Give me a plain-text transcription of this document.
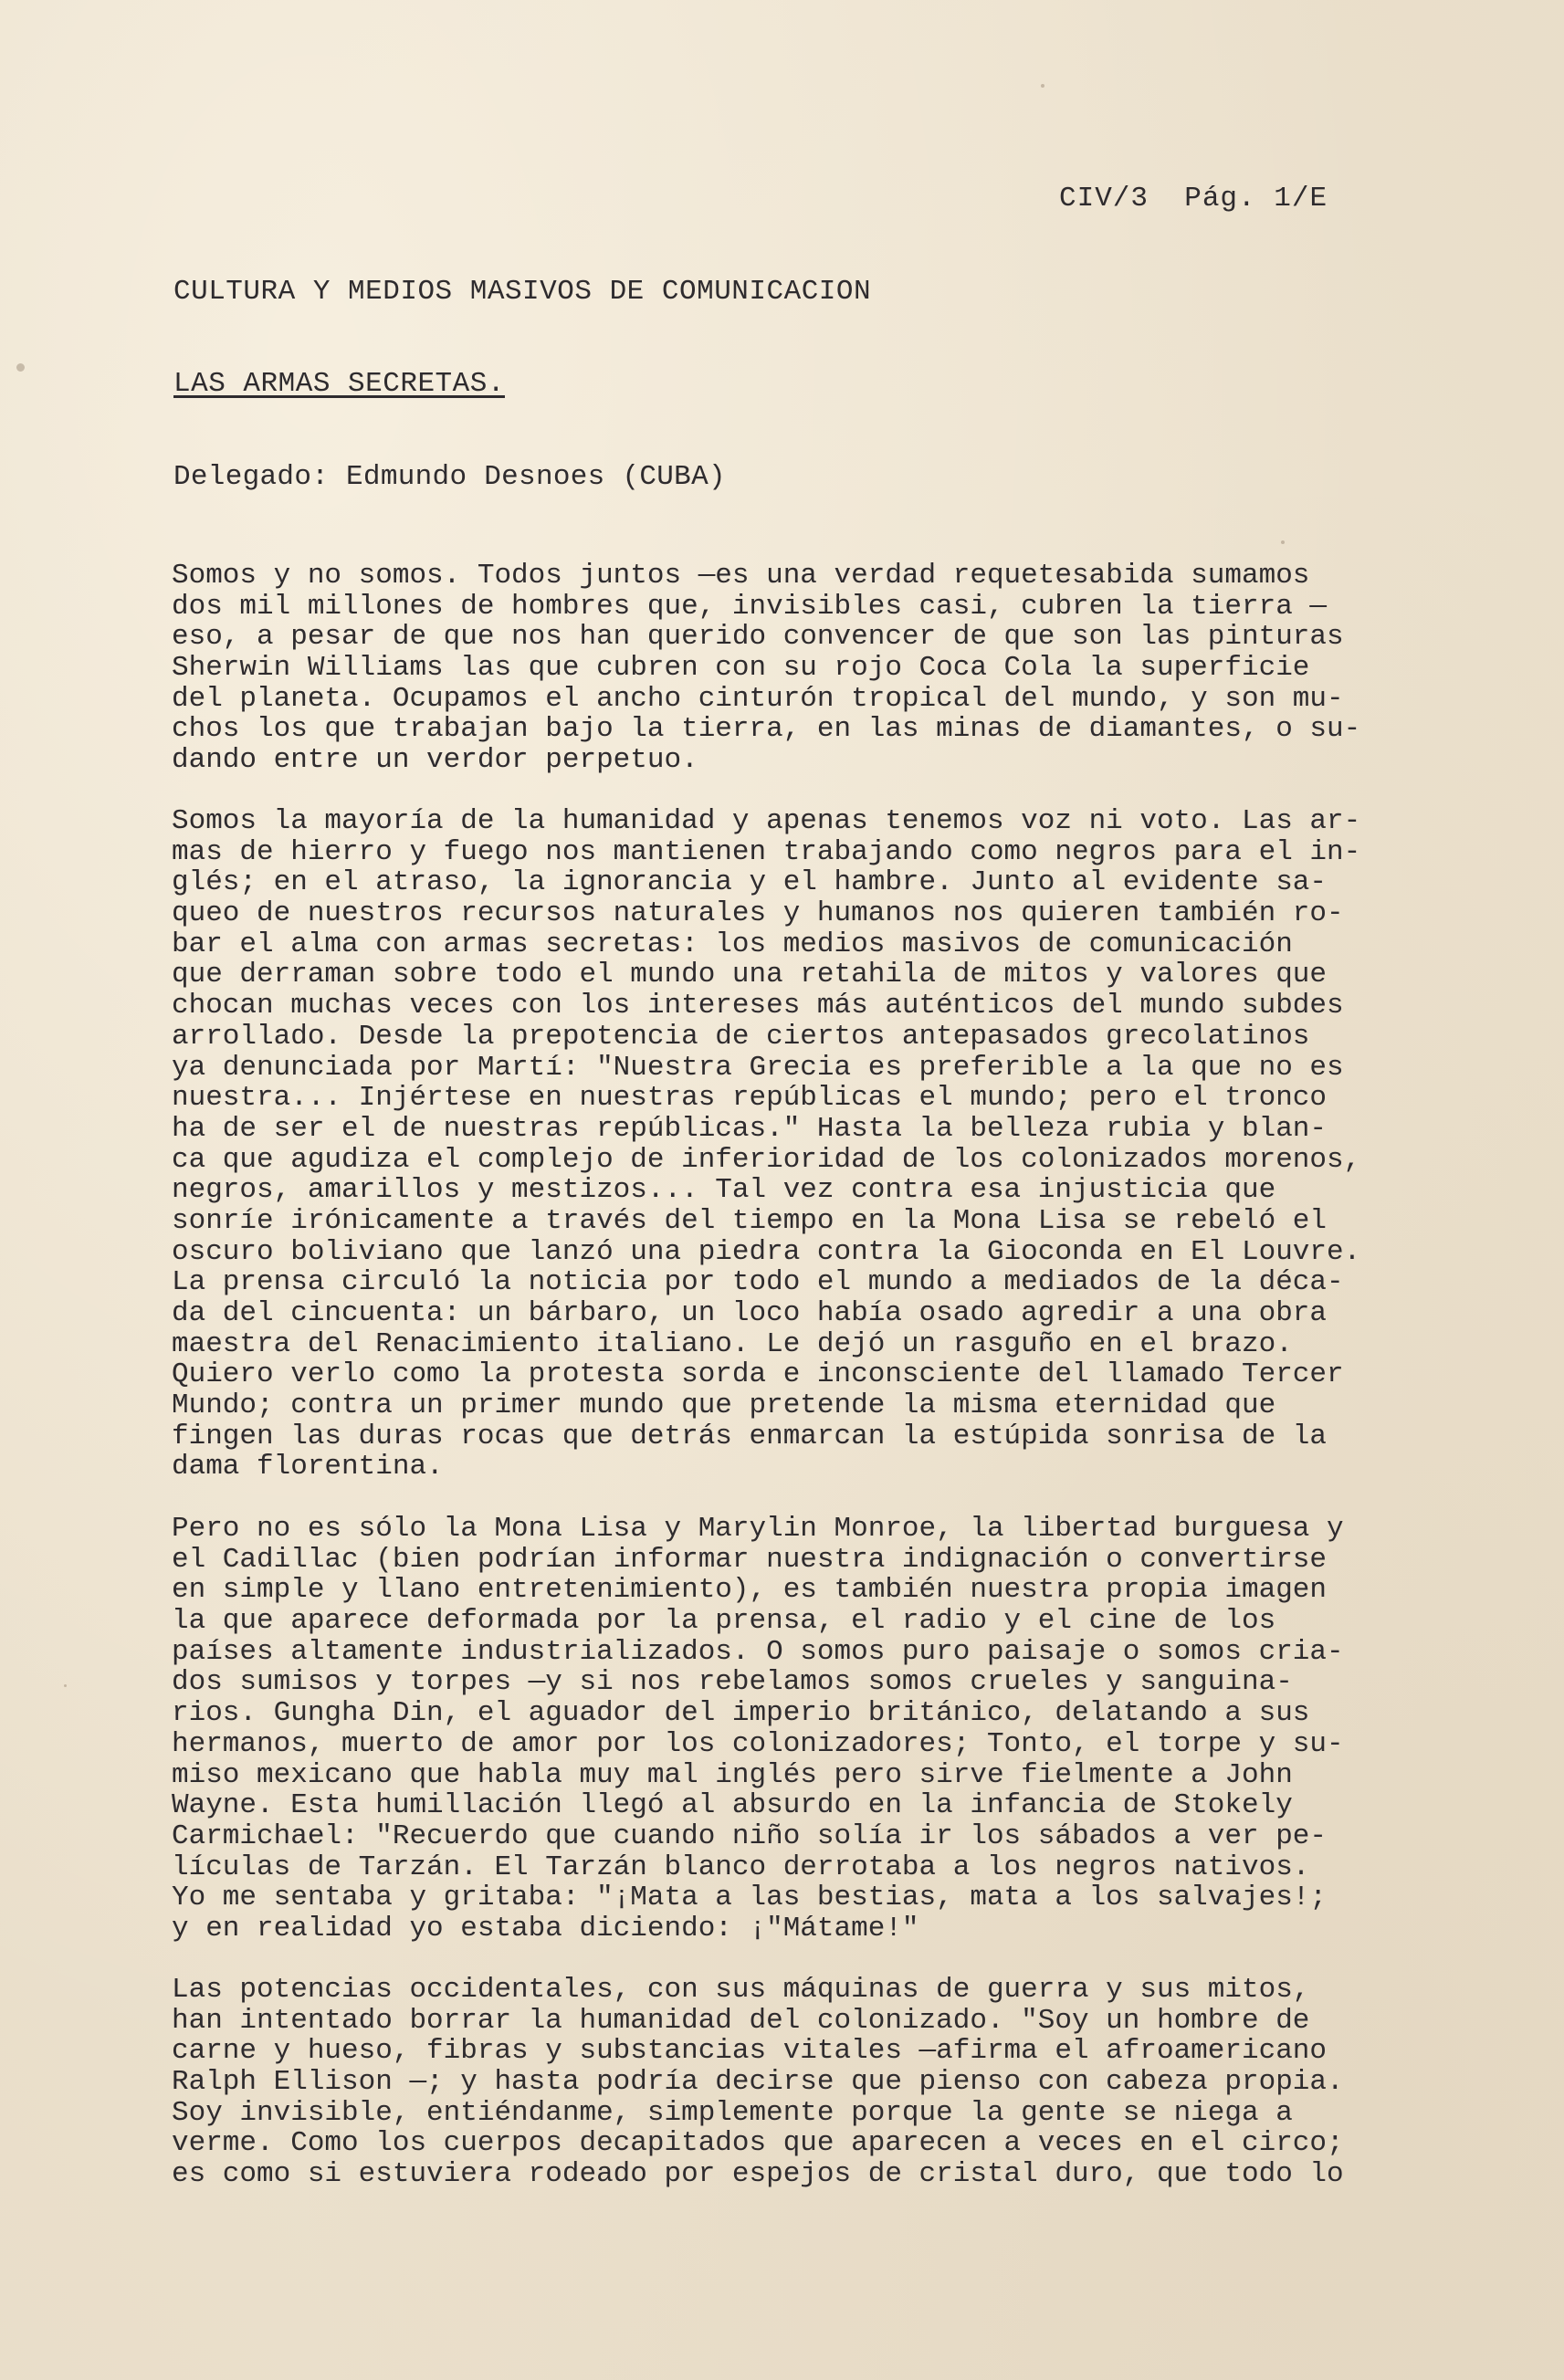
CIV/3  Pág. 1/E
CULTURA Y MEDIOS MASIVOS DE COMUNICACION
LAS ARMAS SECRETAS.
Delegado: Edmundo Desnoes (CUBA)
Somos y no somos. Todos juntos —es una verdad requetesabida sumamos
dos mil millones de hombres que, invisibles casi, cubren la tierra —
eso, a pesar de que nos han querido convencer de que son las pinturas
Sherwin Williams las que cubren con su rojo Coca Cola la superficie
del planeta. Ocupamos el ancho cinturón tropical del mundo, y son mu-
chos los que trabajan bajo la tierra, en las minas de diamantes, o su-
dando entre un verdor perpetuo.
Somos la mayoría de la humanidad y apenas tenemos voz ni voto. Las ar-
mas de hierro y fuego nos mantienen trabajando como negros para el in-
glés; en el atraso, la ignorancia y el hambre. Junto al evidente sa-
queo de nuestros recursos naturales y humanos nos quieren también ro-
bar el alma con armas secretas: los medios masivos de comunicación
que derraman sobre todo el mundo una retahila de mitos y valores que
chocan muchas veces con los intereses más auténticos del mundo subdes
arrollado. Desde la prepotencia de ciertos antepasados grecolatinos
ya denunciada por Martí: "Nuestra Grecia es preferible a la que no es
nuestra... Injértese en nuestras repúblicas el mundo; pero el tronco
ha de ser el de nuestras repúblicas." Hasta la belleza rubia y blan-
ca que agudiza el complejo de inferioridad de los colonizados morenos,
negros, amarillos y mestizos... Tal vez contra esa injusticia que
sonríe irónicamente a través del tiempo en la Mona Lisa se rebeló el
oscuro boliviano que lanzó una piedra contra la Gioconda en El Louvre.
La prensa circuló la noticia por todo el mundo a mediados de la déca-
da del cincuenta: un bárbaro, un loco había osado agredir a una obra
maestra del Renacimiento italiano. Le dejó un rasguño en el brazo.
Quiero verlo como la protesta sorda e inconsciente del llamado Tercer
Mundo; contra un primer mundo que pretende la misma eternidad que
fingen las duras rocas que detrás enmarcan la estúpida sonrisa de la
dama florentina.
Pero no es sólo la Mona Lisa y Marylin Monroe, la libertad burguesa y
el Cadillac (bien podrían informar nuestra indignación o convertirse
en simple y llano entretenimiento), es también nuestra propia imagen
la que aparece deformada por la prensa, el radio y el cine de los
países altamente industrializados. O somos puro paisaje o somos cria-
dos sumisos y torpes —y si nos rebelamos somos crueles y sanguina-
rios. Gungha Din, el aguador del imperio británico, delatando a sus
hermanos, muerto de amor por los colonizadores; Tonto, el torpe y su-
miso mexicano que habla muy mal inglés pero sirve fielmente a John
Wayne. Esta humillación llegó al absurdo en la infancia de Stokely
Carmichael: "Recuerdo que cuando niño solía ir los sábados a ver pe-
lículas de Tarzán. El Tarzán blanco derrotaba a los negros nativos.
Yo me sentaba y gritaba: "¡Mata a las bestias, mata a los salvajes!;
y en realidad yo estaba diciendo: ¡"Mátame!"
Las potencias occidentales, con sus máquinas de guerra y sus mitos,
han intentado borrar la humanidad del colonizado. "Soy un hombre de
carne y hueso, fibras y substancias vitales —afirma el afroamericano
Ralph Ellison —; y hasta podría decirse que pienso con cabeza propia.
Soy invisible, entiéndanme, simplemente porque la gente se niega a
verme. Como los cuerpos decapitados que aparecen a veces en el circo;
es como si estuviera rodeado por espejos de cristal duro, que todo lo
